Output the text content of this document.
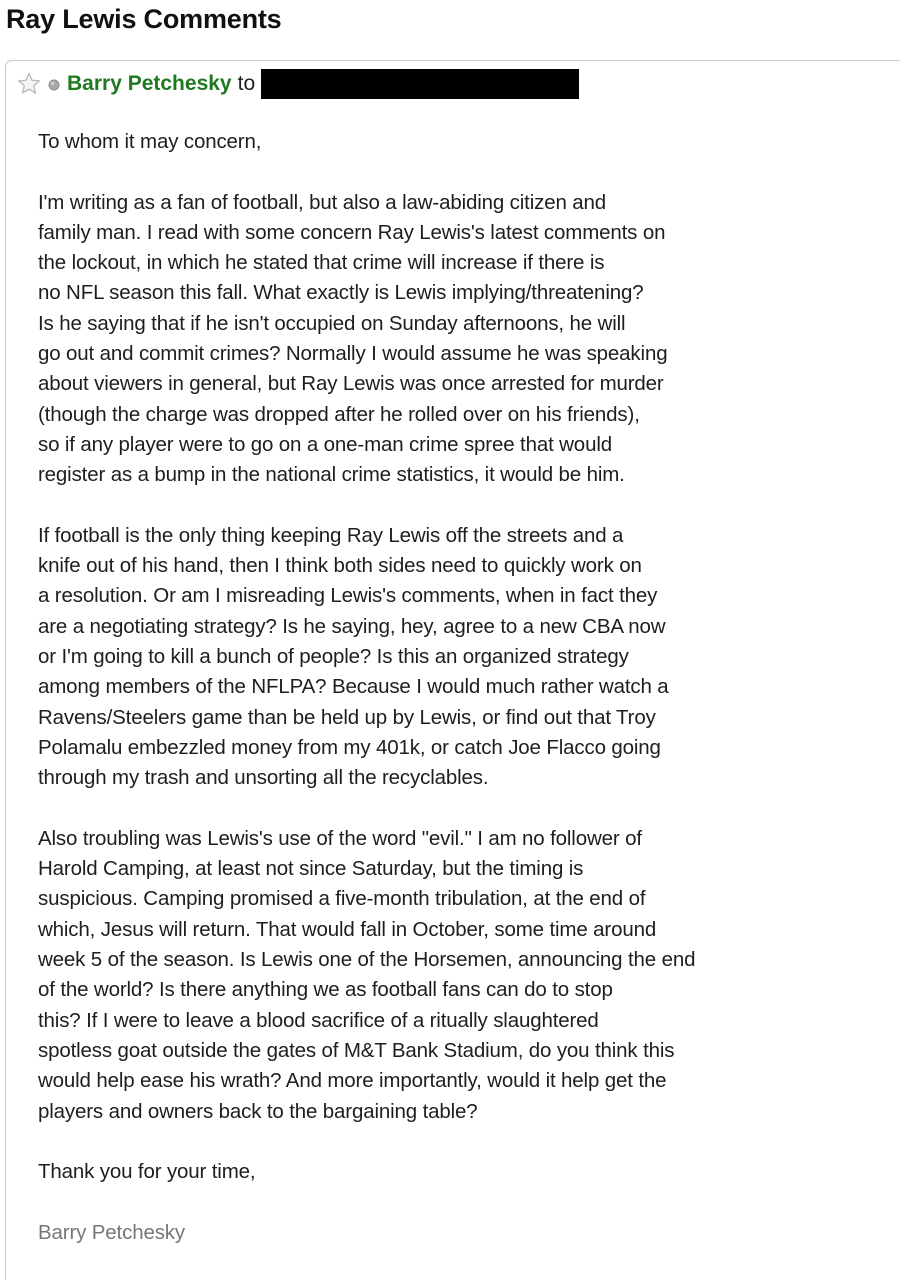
Ray Lewis Comments
Barry Petchesky to
To whom it may concern,
I'm writing as a fan of football, but also a law-abiding citizen and
family man. I read with some concern Ray Lewis's latest comments on
the lockout, in which he stated that crime will increase if there is
no NFL season this fall. What exactly is Lewis implying/threatening?
Is he saying that if he isn't occupied on Sunday afternoons, he will
go out and commit crimes? Normally I would assume he was speaking
about viewers in general, but Ray Lewis was once arrested for murder
(though the charge was dropped after he rolled over on his friends),
so if any player were to go on a one-man crime spree that would
register as a bump in the national crime statistics, it would be him.
If football is the only thing keeping Ray Lewis off the streets and a
knife out of his hand, then I think both sides need to quickly work on
a resolution. Or am I misreading Lewis's comments, when in fact they
are a negotiating strategy? Is he saying, hey, agree to a new CBA now
or I'm going to kill a bunch of people? Is this an organized strategy
among members of the NFLPA? Because I would much rather watch a
Ravens/Steelers game than be held up by Lewis, or find out that Troy
Polamalu embezzled money from my 401k, or catch Joe Flacco going
through my trash and unsorting all the recyclables.
Also troubling was Lewis's use of the word "evil." I am no follower of
Harold Camping, at least not since Saturday, but the timing is
suspicious. Camping promised a five-month tribulation, at the end of
which, Jesus will return. That would fall in October, some time around
week 5 of the season. Is Lewis one of the Horsemen, announcing the end
of the world? Is there anything we as football fans can do to stop
this? If I were to leave a blood sacrifice of a ritually slaughtered
spotless goat outside the gates of M&T Bank Stadium, do you think this
would help ease his wrath? And more importantly, would it help get the
players and owners back to the bargaining table?
Thank you for your time,
Barry Petchesky
